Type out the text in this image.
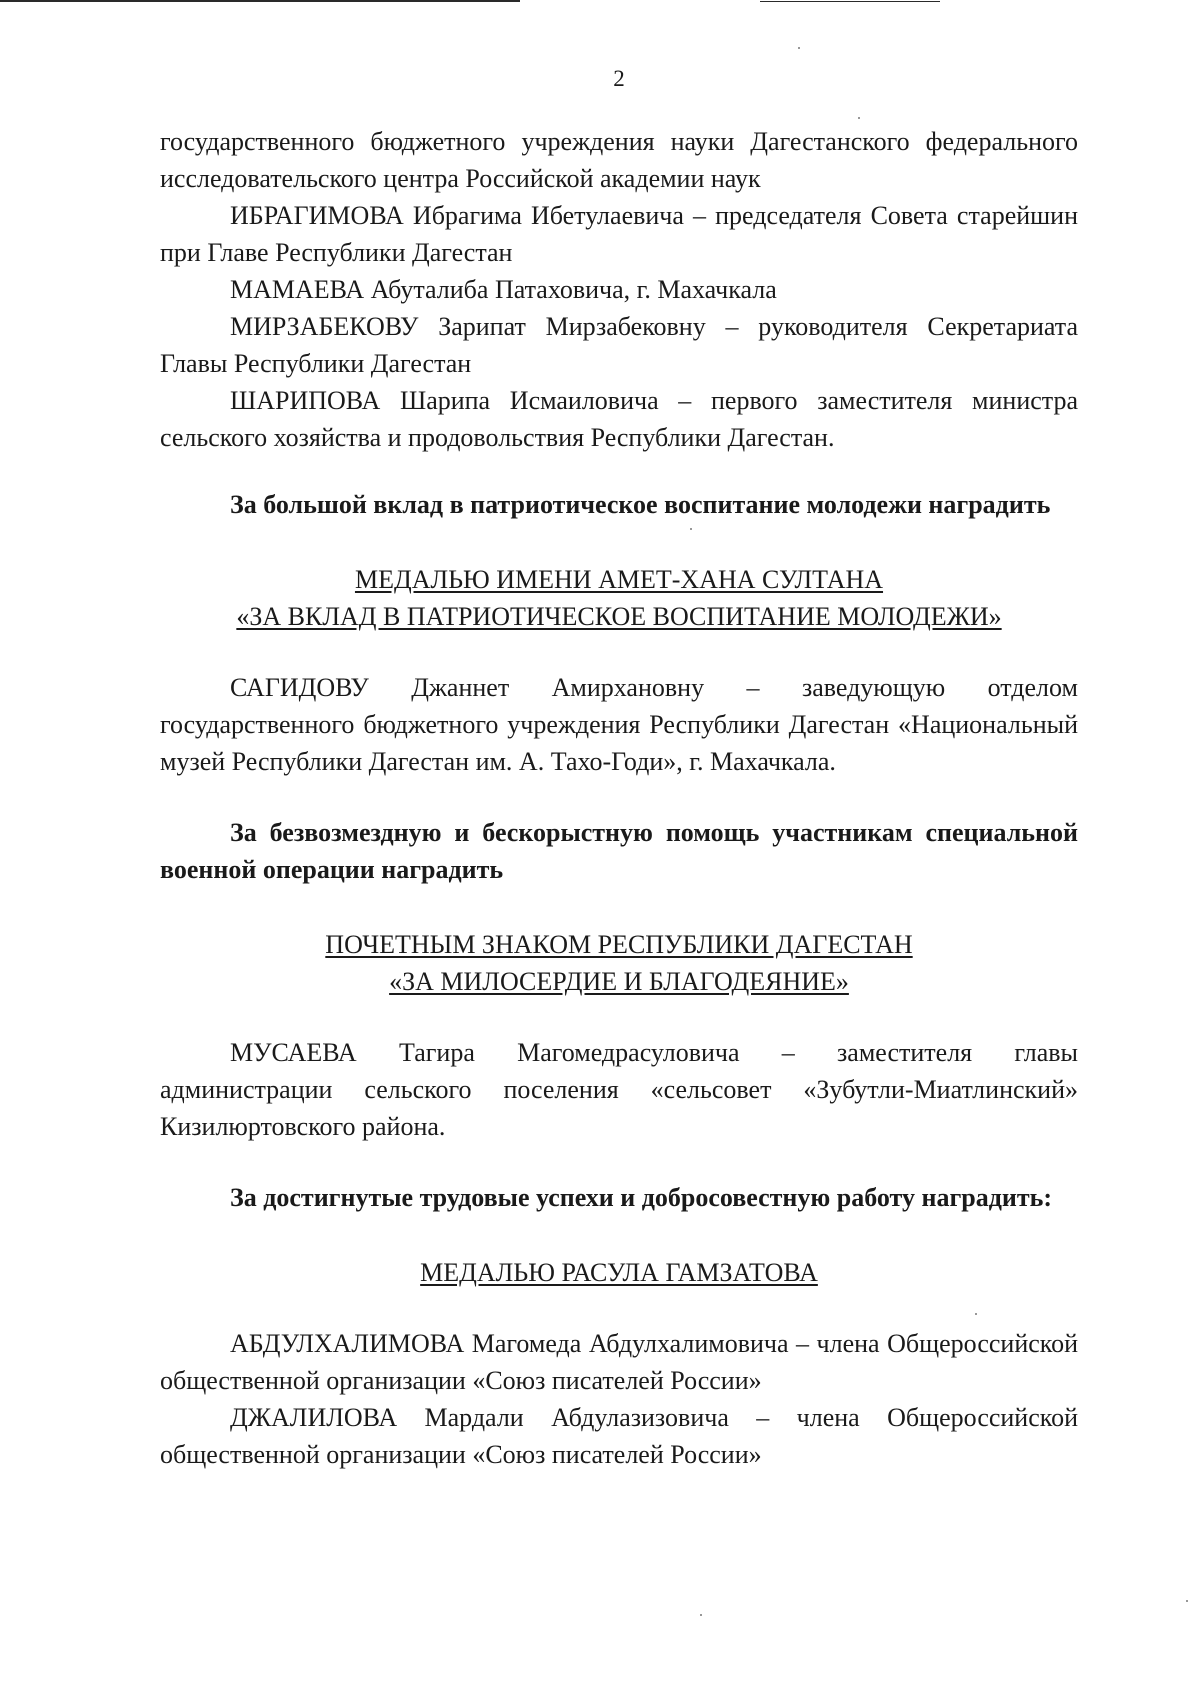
2

государственного бюджетного учреждения науки Дагестанского федерального исследовательского центра Российской академии наук

ИБРАГИМОВА Ибрагима Ибетулаевича – председателя Совета старейшин при Главе Республики Дагестан

МАМАЕВА Абуталиба Патаховича, г. Махачкала

МИРЗАБЕКОВУ Зарипат Мирзабековну – руководителя Секретариата Главы Республики Дагестан

ШАРИПОВА Шарипа Исмаиловича – первого заместителя министра сельского хозяйства и продовольствия Республики Дагестан.

За большой вклад в патриотическое воспитание молодежи наградить

МЕДАЛЬЮ ИМЕНИ АМЕТ-ХАНА СУЛТАНА

«ЗА ВКЛАД В ПАТРИОТИЧЕСКОЕ ВОСПИТАНИЕ МОЛОДЕЖИ»

САГИДОВУ Джаннет Амирхановну – заведующую отделом государственного бюджетного учреждения Республики Дагестан «Национальный музей Республики Дагестан им. А. Тахо-Годи», г. Махачкала.

За безвозмездную и бескорыстную помощь участникам специальной военной операции наградить

ПОЧЕТНЫМ ЗНАКОМ РЕСПУБЛИКИ ДАГЕСТАН

«ЗА МИЛОСЕРДИЕ И БЛАГОДЕЯНИЕ»

МУСАЕВА Тагира Магомедрасуловича – заместителя главы администрации сельского поселения «сельсовет «Зубутли-Миатлинский» Кизилюртовского района.

За достигнутые трудовые успехи и добросовестную работу наградить:

МЕДАЛЬЮ РАСУЛА ГАМЗАТОВА

АБДУЛХАЛИМОВА Магомеда Абдулхалимовича – члена Общероссийской общественной организации «Союз писателей России»

ДЖАЛИЛОВА Мардали Абдулазизовича – члена Общероссийской общественной организации «Союз писателей России»
